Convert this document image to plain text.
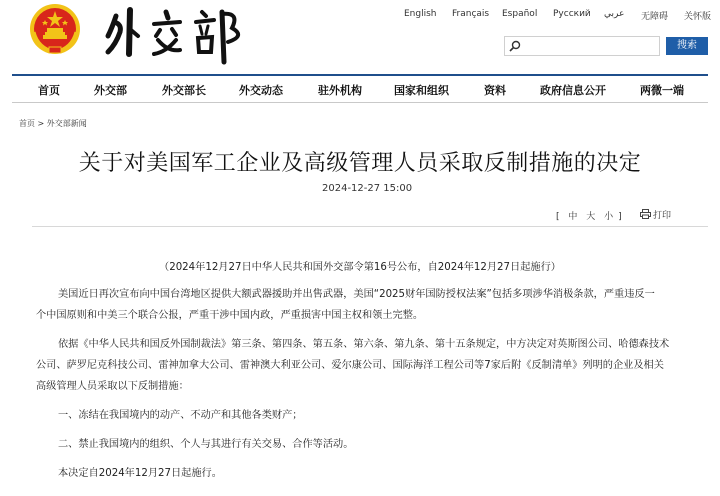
English Français Español Русский عربي 无障碍 关怀版
搜索
首页	外交部	外交部长	外交动态	驻外机构	国家和组织	资料	政府信息公开	两微一端
首页 > 外交部新闻
关于对美国军工企业及高级管理人员采取反制措施的决定
2024-12-27 15:00
[ 中 大 小 ]	打印
（2024年12月27日中华人民共和国外交部令第16号公布，自2024年12月27日起施行）
美国近日再次宣布向中国台湾地区提供大额武器援助并出售武器，美国“2025财年国防授权法案”包括多项涉华消极条款，严重违反一
个中国原则和中美三个联合公报，严重干涉中国内政，严重损害中国主权和领土完整。
依据《中华人民共和国反外国制裁法》第三条、第四条、第五条、第六条、第九条、第十五条规定，中方决定对英斯图公司、哈德森技术
公司、萨罗尼克科技公司、雷神加拿大公司、雷神澳大利亚公司、爱尔康公司、国际海洋工程公司等7家后附《反制清单》列明的企业及相关
高级管理人员采取以下反制措施：
一、冻结在我国境内的动产、不动产和其他各类财产；
二、禁止我国境内的组织、个人与其进行有关交易、合作等活动。
本决定自2024年12月27日起施行。
